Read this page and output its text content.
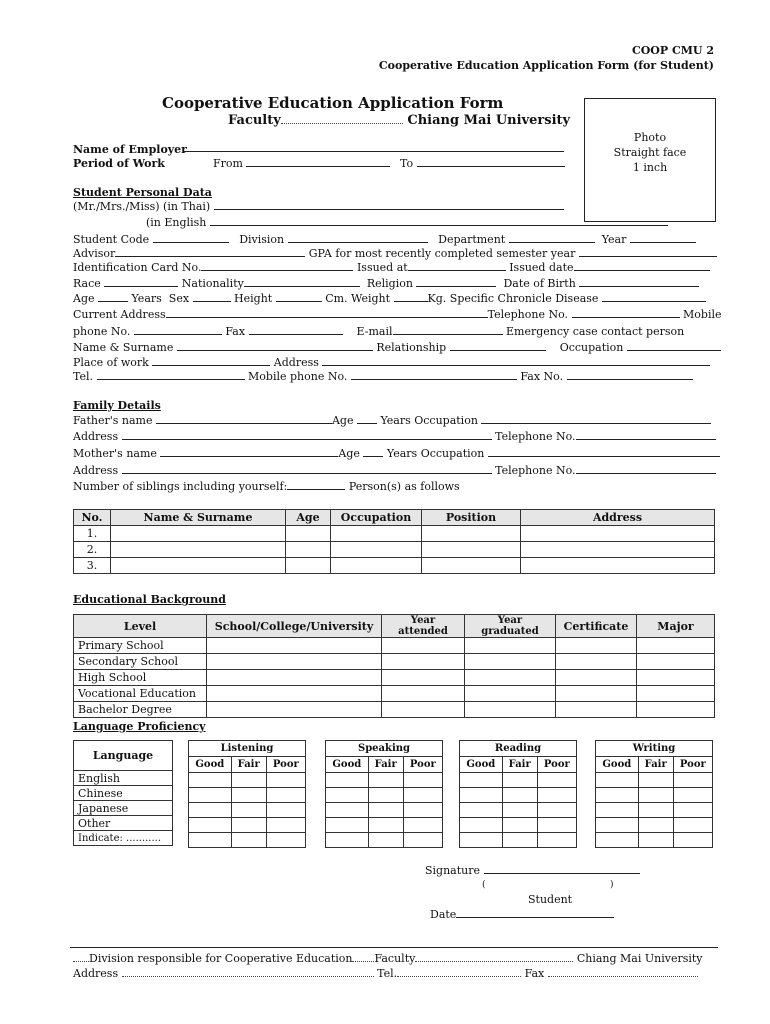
COOP CMU 2
Cooperative Education Application Form (for Student)
Cooperative Education Application Form
Faculty	Chiang Mai University
Photo
Straight face
1 inch
Name of Employer
Period of Work	From	To
Student Personal Data
(Mr./Mrs./Miss) (in Thai)
(in English
Student Code	Division	Department	Year
Advisor	GPA for most recently completed semester year
Identification Card No.	Issued at	Issued date
Race	Nationality	Religion	Date of Birth
Age	Years Sex	Height	Cm. Weight	Kg. Specific Chronicle Disease
Current Address	Telephone No.	Mobile
phone No.	Fax	E-mail	Emergency case contact person
Name & Surname	Relationship	Occupation
Place of work	Address
Tel.	Mobile phone No.	Fax No.
Family Details
Father's name	Age Years Occupation
Address	Telephone No.
Mother's name	Age Years Occupation
Address	Telephone No.
Number of siblings including yourself:	Person(s) as follows
No.	Name & Surname	Age	Occupation	Position	Address
1.					
2.					
3.					
Educational Background
Level	School/College/University	Year attended	Year graduated	Certificate	Major
Primary School					
Secondary School					
High School					
Vocational Education					
Bachelor Degree					
Language Proficiency
Language
English
Chinese
Japanese
Other
Indicate: ...........
Listening		
Good	Fair	Poor

Speaking		
Good	Fair	Poor

Reading		
Good	Fair	Poor

Writing		
Good	Fair	Poor

Signature
(	)
Student
Date
Division responsible for Cooperative Education Faculty	Chiang Mai University
Address	Tel.	Fax
